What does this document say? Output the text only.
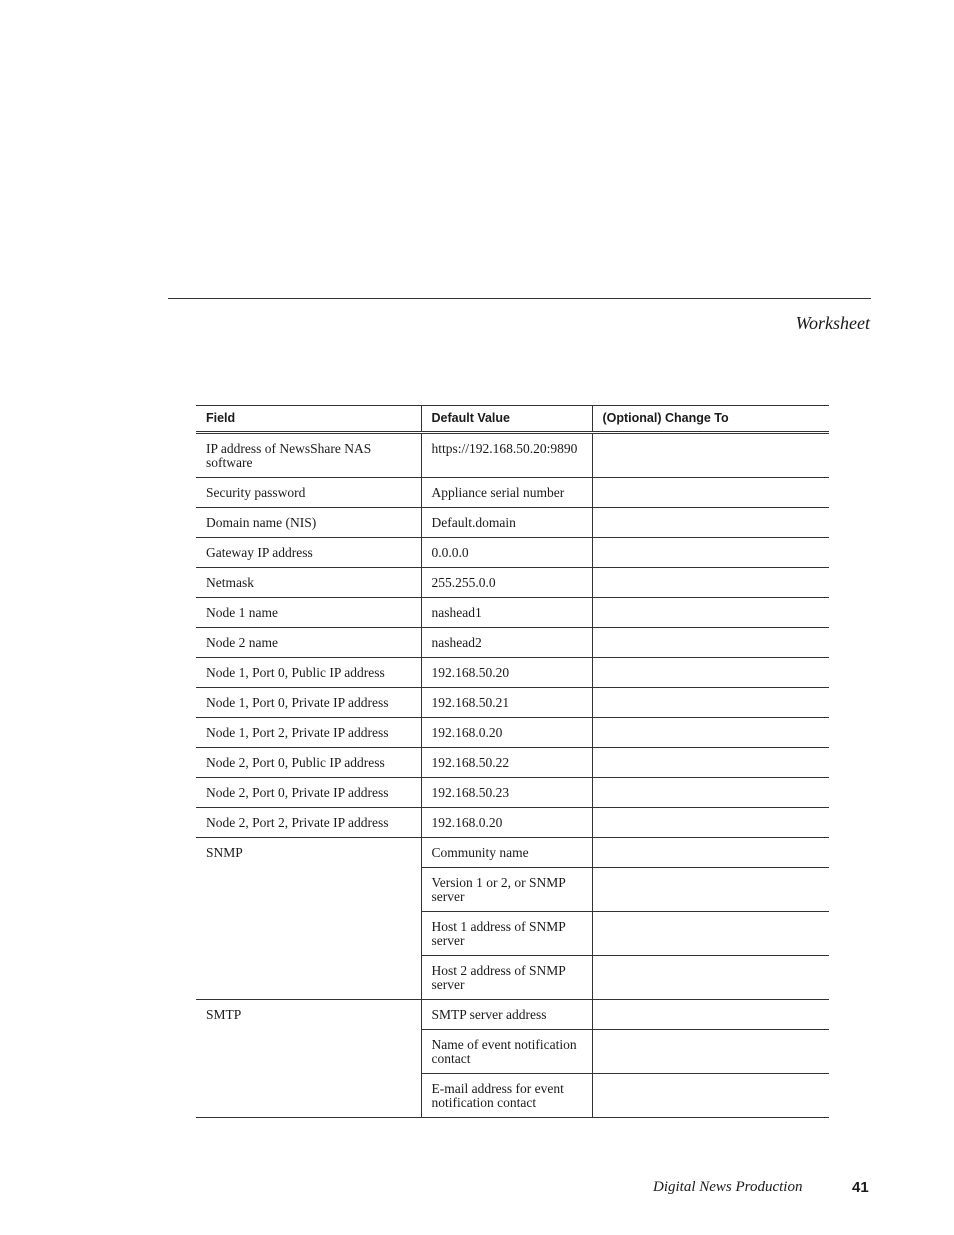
Worksheet
Field	Default Value	(Optional) Change To
IP address of NewsShare NAS software	https://192.168.50.20:9890	
Security password	Appliance serial number	
Domain name (NIS)	Default.domain	
Gateway IP address	0.0.0.0	
Netmask	255.255.0.0	
Node 1 name	nashead1	
Node 2 name	nashead2	
Node 1, Port 0, Public IP address	192.168.50.20	
Node 1, Port 0, Private IP address	192.168.50.21	
Node 1, Port 2, Private IP address	192.168.0.20	
Node 2, Port 0, Public IP address	192.168.50.22	
Node 2, Port 0, Private IP address	192.168.50.23	
Node 2, Port 2, Private IP address	192.168.0.20	
SNMP	Community name	
	Version 1 or 2, or SNMP server	
	Host 1 address of SNMP server	
	Host 2 address of SNMP server	
SMTP	SMTP server address	
	Name of event notification contact	
	E-mail address for event notification contact	
Digital News Production	41
